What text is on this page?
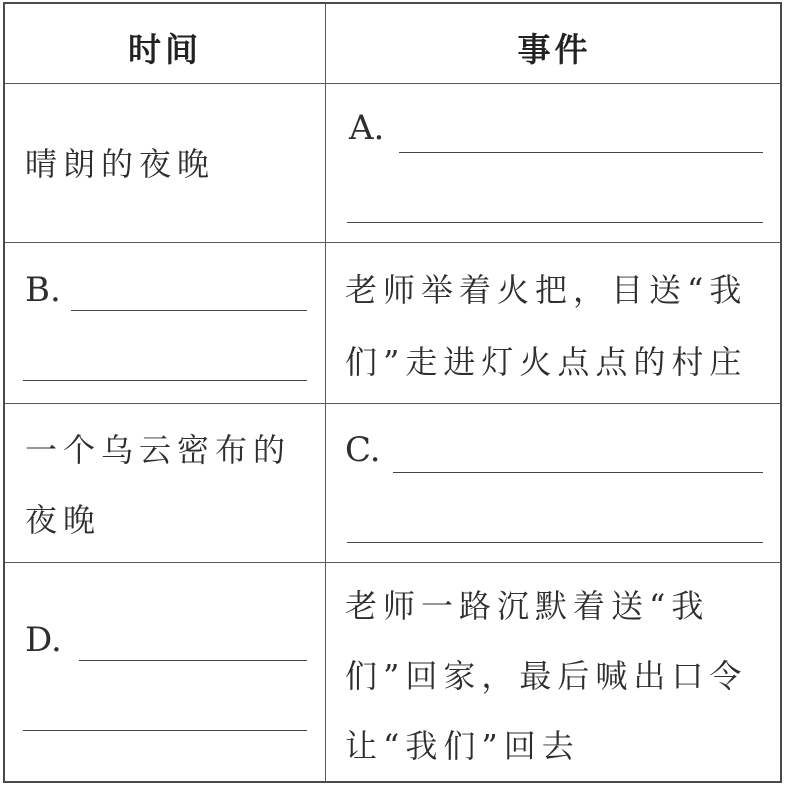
时间	事件
晴朗的夜晚
A.
B.	老师举着火把，目送“我
们”走进灯火点点的村庄
一个乌云密布的
夜晚
C.
D.
老师一路沉默着送“我
们”回家，最后喊出口令
让“我们”回去
